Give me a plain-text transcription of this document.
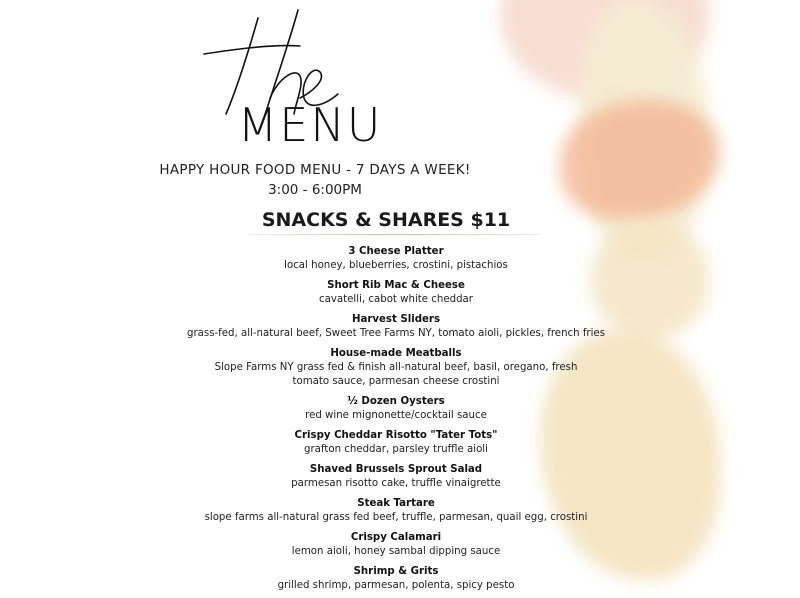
MENU
HAPPY HOUR FOOD MENU - 7 DAYS A WEEK!
3:00 - 6:00PM
SNACKS & SHARES $11
3 Cheese Platter
local honey, blueberries, crostini, pistachios
Short Rib Mac & Cheese
cavatelli, cabot white cheddar
Harvest Sliders
grass-fed, all-natural beef, Sweet Tree Farms NY, tomato aioli, pickles, french fries
House-made Meatballs
Slope Farms NY grass fed & finish all-natural beef, basil, oregano, fresh
tomato sauce, parmesan cheese crostini
½ Dozen Oysters
red wine mignonette/cocktail sauce
Crispy Cheddar Risotto "Tater Tots"
grafton cheddar, parsley truffle aioli
Shaved Brussels Sprout Salad
parmesan risotto cake, truffle vinaigrette
Steak Tartare
slope farms all-natural grass fed beef, truffle, parmesan, quail egg, crostini
Crispy Calamari
lemon aioli, honey sambal dipping sauce
Shrimp & Grits
grilled shrimp, parmesan, polenta, spicy pesto
